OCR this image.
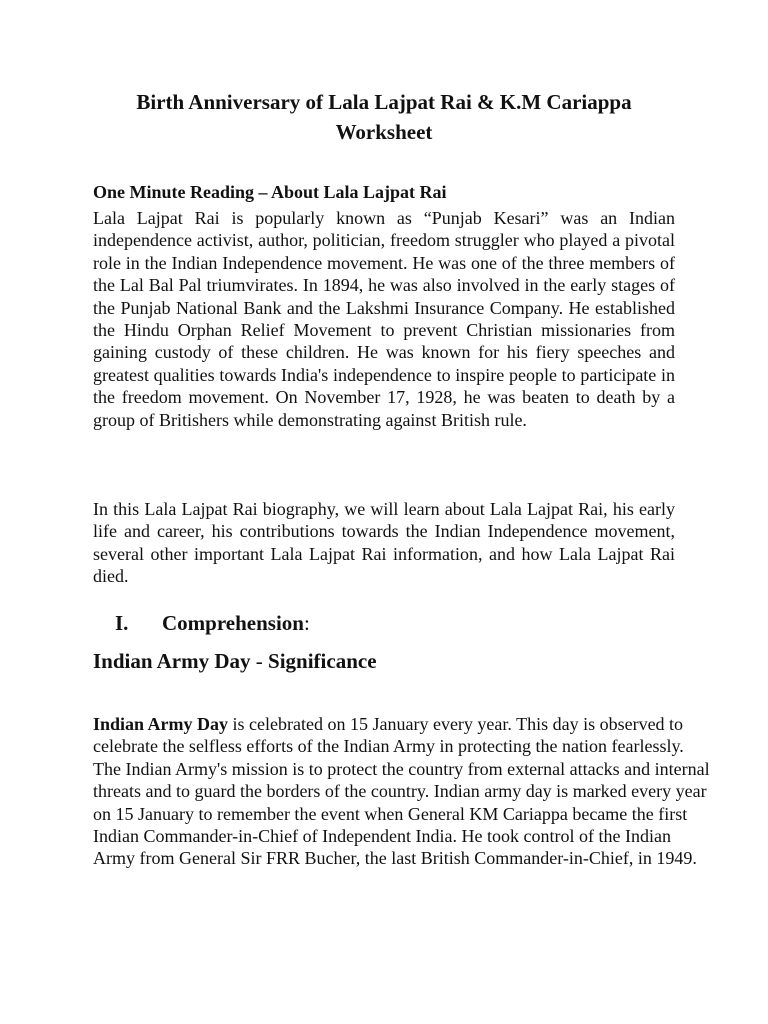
Birth Anniversary of Lala Lajpat Rai & K.M Cariappa
Worksheet
One Minute Reading – About Lala Lajpat Rai

Lala Lajpat Rai is popularly known as “Punjab Kesari” was an Indian independence activist, author, politician, freedom struggler who played a pivotal role in the Indian Independence movement. He was one of the three members of the Lal Bal Pal triumvirates. In 1894, he was also involved in the early stages of the Punjab National Bank and the Lakshmi Insurance Company. He established the Hindu Orphan Relief Movement to prevent Christian missionaries from gaining custody of these children. He was known for his fiery speeches and greatest qualities towards India's independence to inspire people to participate in the freedom movement. On November 17, 1928, he was beaten to death by a group of Britishers while demonstrating against British rule.

In this Lala Lajpat Rai biography, we will learn about Lala Lajpat Rai, his early life and career, his contributions towards the Indian Independence movement, several other important Lala Lajpat Rai information, and how Lala Lajpat Rai died.

I. Comprehension:
Indian Army Day - Significance

Indian Army Day is celebrated on 15 January every year. This day is observed to celebrate the selfless efforts of the Indian Army in protecting the nation fearlessly. The Indian Army's mission is to protect the country from external attacks and internal threats and to guard the borders of the country. Indian army day is marked every year on 15 January to remember the event when General KM Cariappa became the first Indian Commander-in-Chief of Independent India. He took control of the Indian Army from General Sir FRR Bucher, the last British Commander-in-Chief, in 1949.
